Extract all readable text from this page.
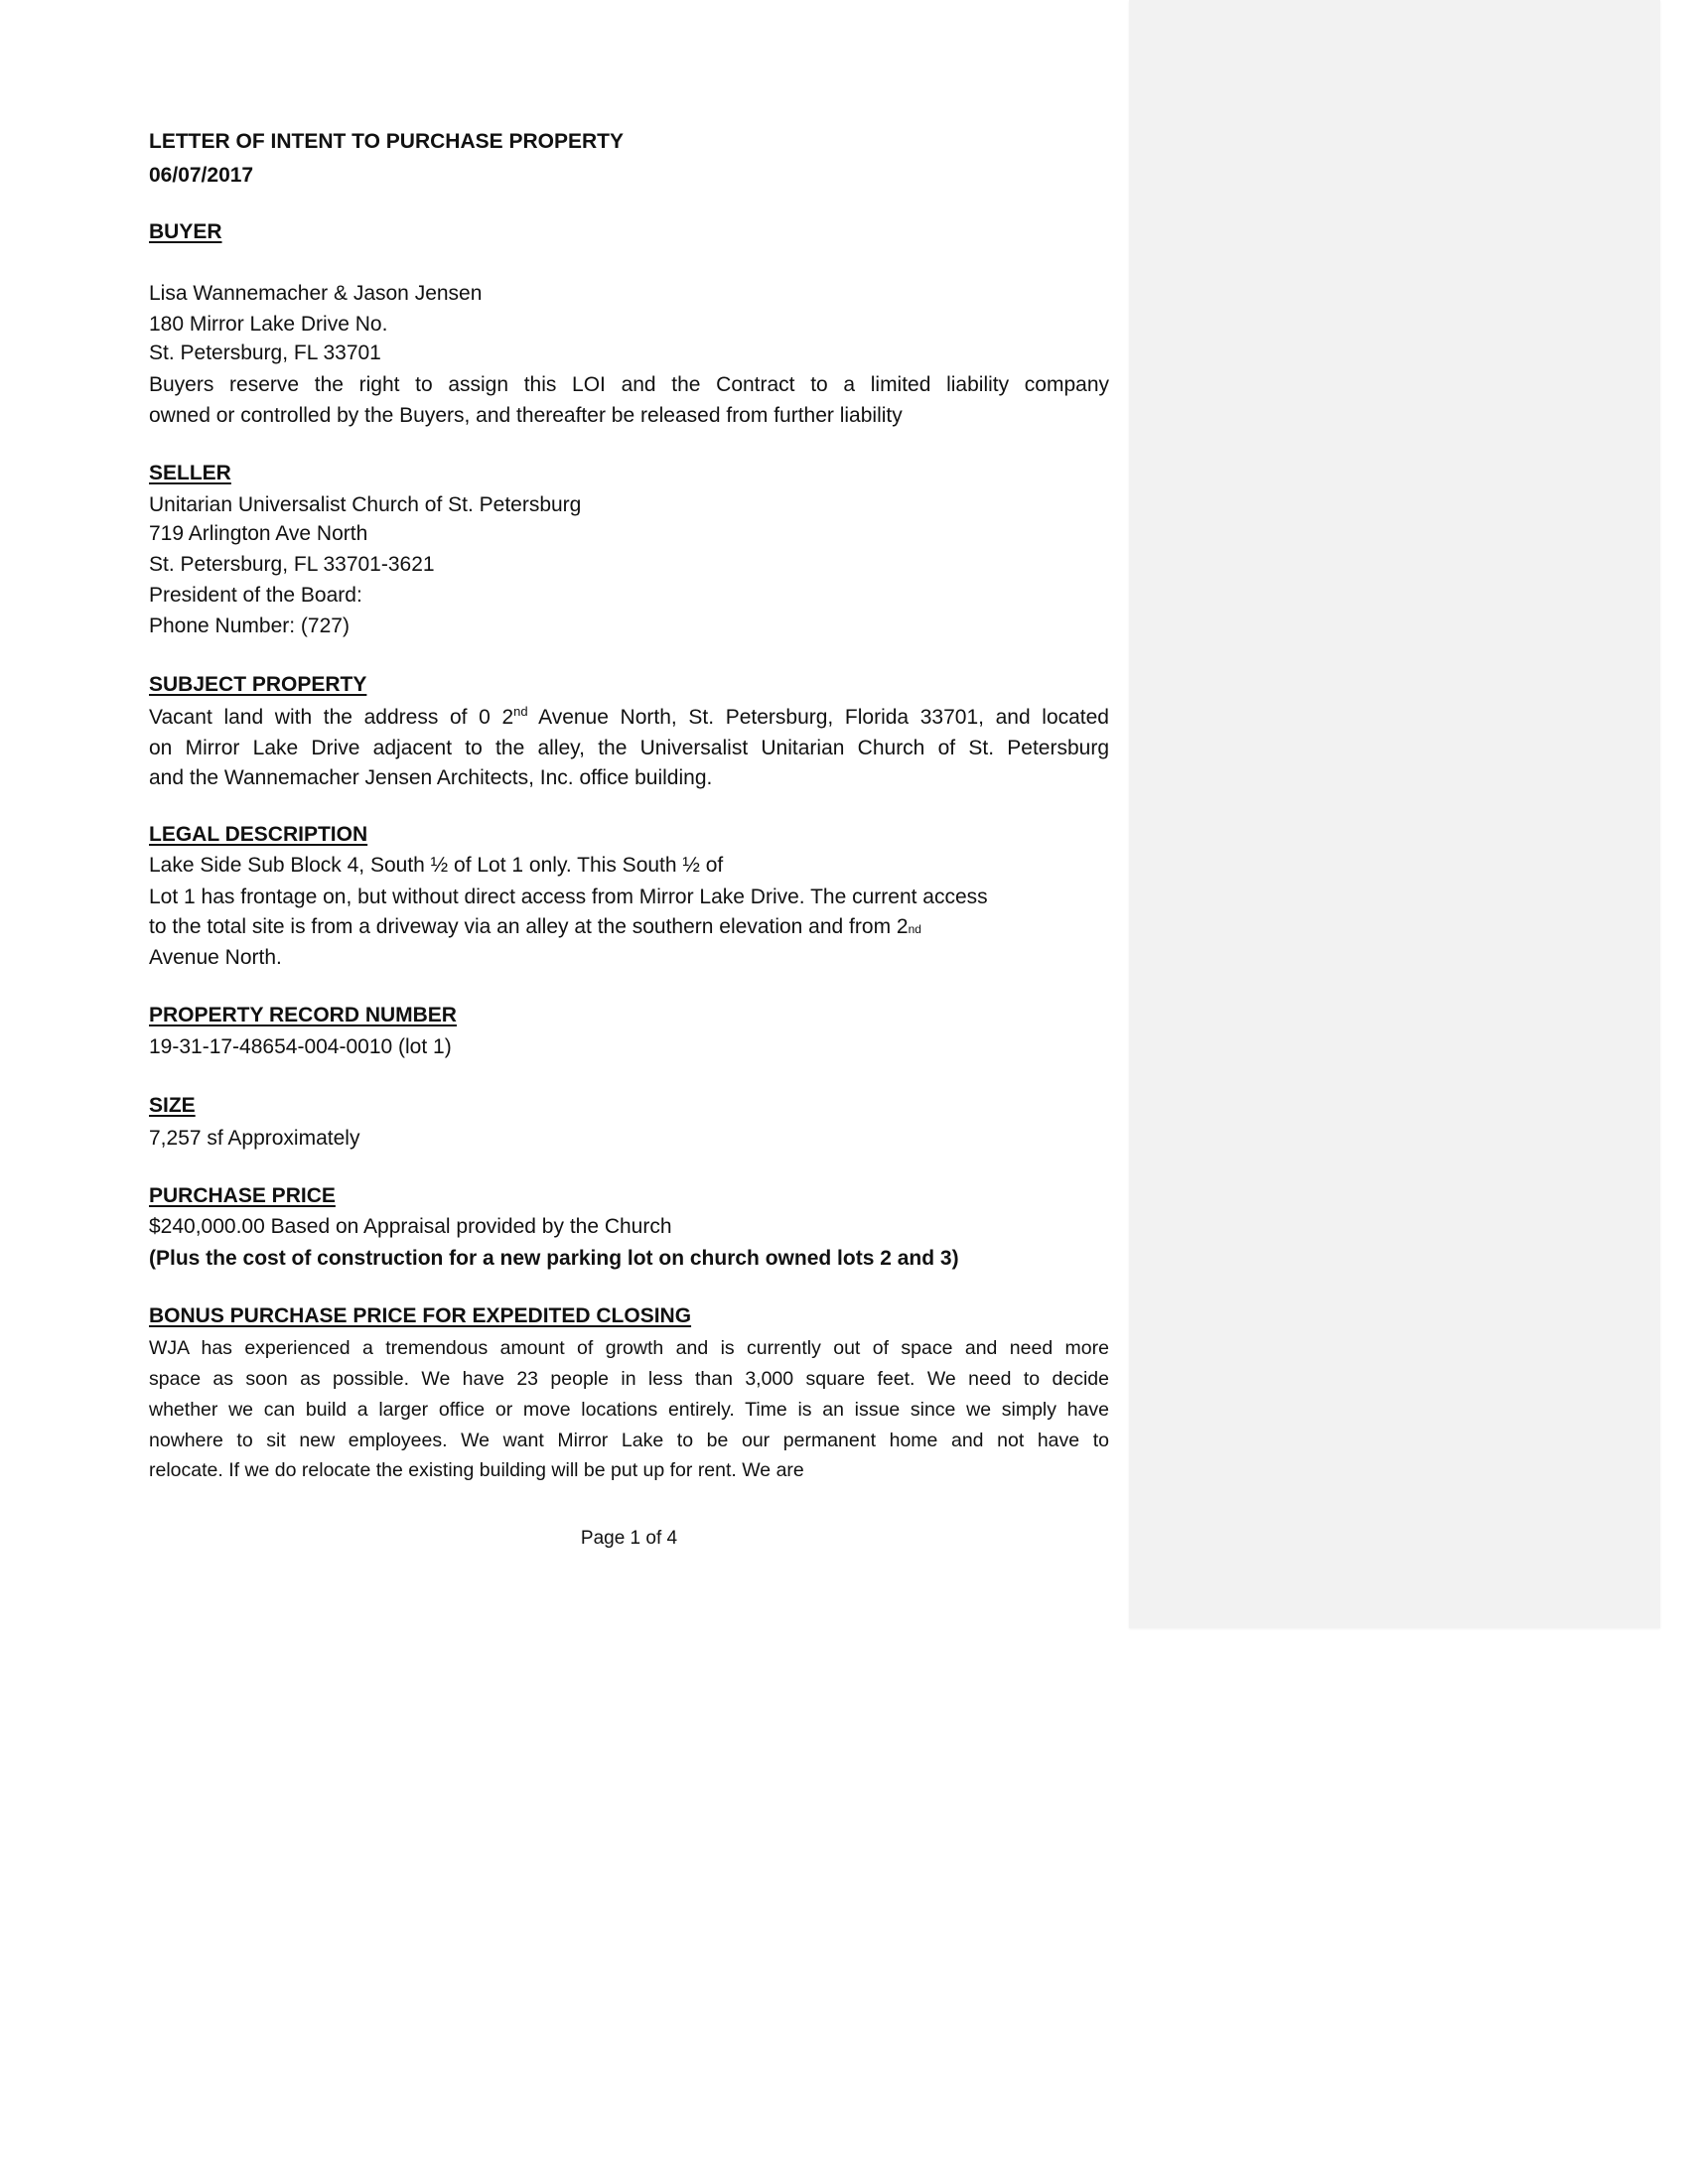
LETTER OF INTENT TO PURCHASE PROPERTY
06/07/2017
BUYER
Lisa Wannemacher & Jason Jensen
180 Mirror Lake Drive No.
St. Petersburg, FL 33701
Buyers reserve the right to assign this LOI and the Contract to a limited liability company
owned or controlled by the Buyers, and thereafter be released from further liability
SELLER
Unitarian Universalist Church of St. Petersburg
719 Arlington Ave North
St. Petersburg, FL 33701-3621
President of the Board:
Phone Number: (727)
SUBJECT PROPERTY
Vacant land with the address of 0 2nd Avenue North, St. Petersburg, Florida 33701, and located
on Mirror Lake Drive adjacent to the alley, the Universalist Unitarian Church of St. Petersburg
and the Wannemacher Jensen Architects, Inc. office building.
LEGAL DESCRIPTION
Lake Side Sub Block 4, South ½ of Lot 1 only. This South ½ of
Lot 1 has frontage on, but without direct access from Mirror Lake Drive. The current access
to the total site is from a driveway via an alley at the southern elevation and from 2nd
Avenue North.
PROPERTY RECORD NUMBER
19-31-17-48654-004-0010 (lot 1)
SIZE
7,257 sf Approximately
PURCHASE PRICE
$240,000.00 Based on Appraisal provided by the Church
(Plus the cost of construction for a new parking lot on church owned lots 2 and 3)
BONUS PURCHASE PRICE FOR EXPEDITED CLOSING
WJA has experienced a tremendous amount of growth and is currently out of space and need more
space as soon as possible. We have 23 people in less than 3,000 square feet. We need to decide
whether we can build a larger office or move locations entirely. Time is an issue since we simply have
nowhere to sit new employees. We want Mirror Lake to be our permanent home and not have to
relocate. If we do relocate the existing building will be put up for rent. We are
Page 1 of 4
